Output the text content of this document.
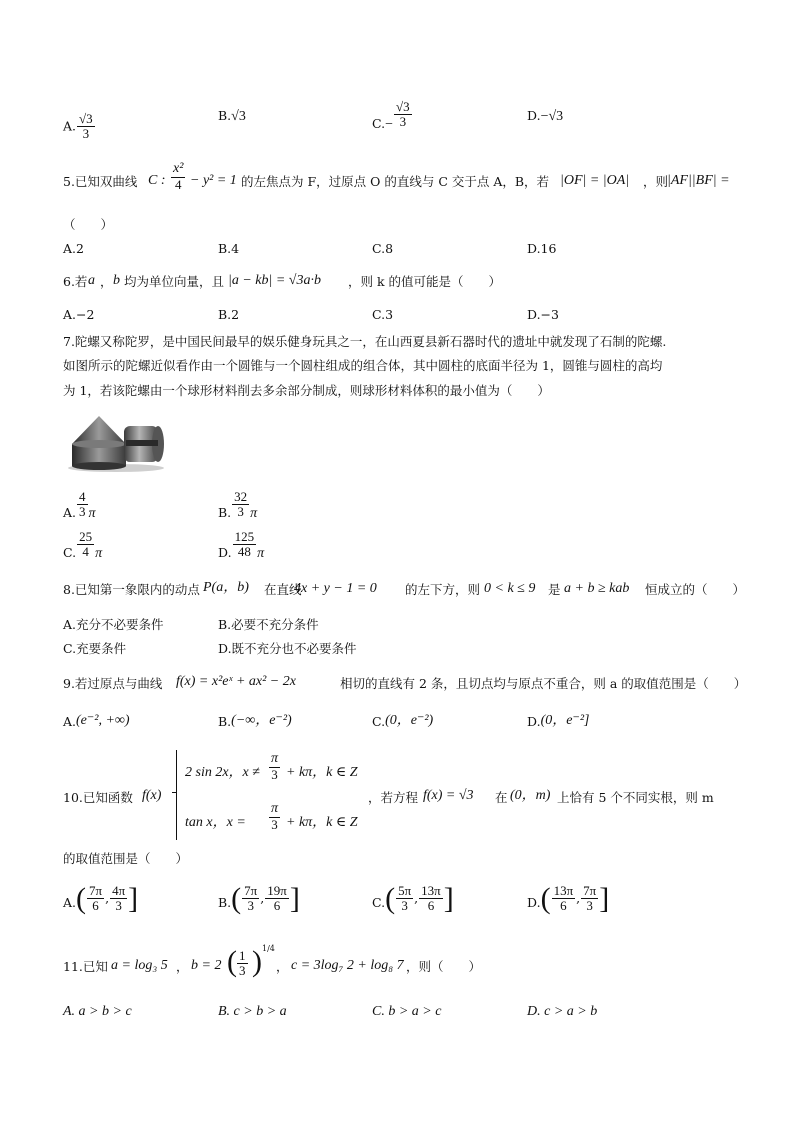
A. $\frac{√3}{3}$	B.√3	$C.- \frac{√3}{3}$	D.−√3
5.已知双曲线 C : $\frac{\text{x²}}{4} - y^2 = 1$ 的左焦点为 F，过原点 O 的直线与 C 交于点 A，B，若 |OF| = |OA| ，则
|AF||BF| =
（　　）
A.2	B.4	C.8	D.16
6.若 a ， b 均为单位向量，且 |a − kb| = √3a·b ，则 k 的值可能是（　　）
A.−2	B.2	C.3	D.−3
7.陀螺又称陀罗，是中国民间最早的娱乐健身玩具之一，在山西夏县新石器时代的遗址中就发现了石制的陀螺.
如图所示的陀螺近似看作由一个圆锥与一个圆柱组成的组合体，其中圆柱的底面半径为 1，圆锥与圆柱的高均
为 1，若该陀螺由一个球形材料削去多余部分制成，则球形材料体积的最小值为（　　）
A. $\frac{4}{3}$ π	B. $\frac{32}{3}$ π
C. $\frac{25}{4}$ π	D. $\frac{125}{48}$ π
8.已知第一象限内的动点 P(a，b) 在直线
4x + y − 1 = 0 的左下方，则 0 < k ≤ 9 是 a + b ≥ kab 恒成立的（　　）
A.充分不必要条件	B.必要不充分条件
C.充要条件	D.既不充分也不必要条件
9.若过原点与曲线 f(x) = x²eˣ + ax² − 2x	相切的直线有 2 条，且切点均与原点不重合，则 a 的取值范围是（　　）
A.(e⁻², +∞)	B.(−∞，e⁻²)	C.(0，e⁻²)	D.(0，e⁻²]
10.已知函数 f(x)	，若方程 f(x) = √3 在 (0，m) 上恰有 5 个不同实根，则 m
2 sin 2x，$x \ne \frac{\pi}{3} + k\pi$，k ∈ Z
tan x，$x = \frac{\pi}{3} + k\pi$，k ∈ Z
的取值范围是（　　）
$A.( \frac{7\pi}{6}$ , $\frac{4\pi}{3}$ ]	$B.( \frac{7\pi}{3}$ , $\frac{19\pi}{6}$ ]	$C.( \frac{5\pi}{3}$ , $\frac{13\pi}{6}$ ]	$D.( \frac{13\pi}{6}$ , $\frac{7\pi}{3}$ ]
11.已知 a = log₃ 5 ， b = 2 ( $\frac{1}{3}$ ) 1/4
， c = 3log₇ 2 + log₈ 7 ，则（　　）
A. a > b > c	B. c > b > a	C. b > a > c	D. c > a > b
